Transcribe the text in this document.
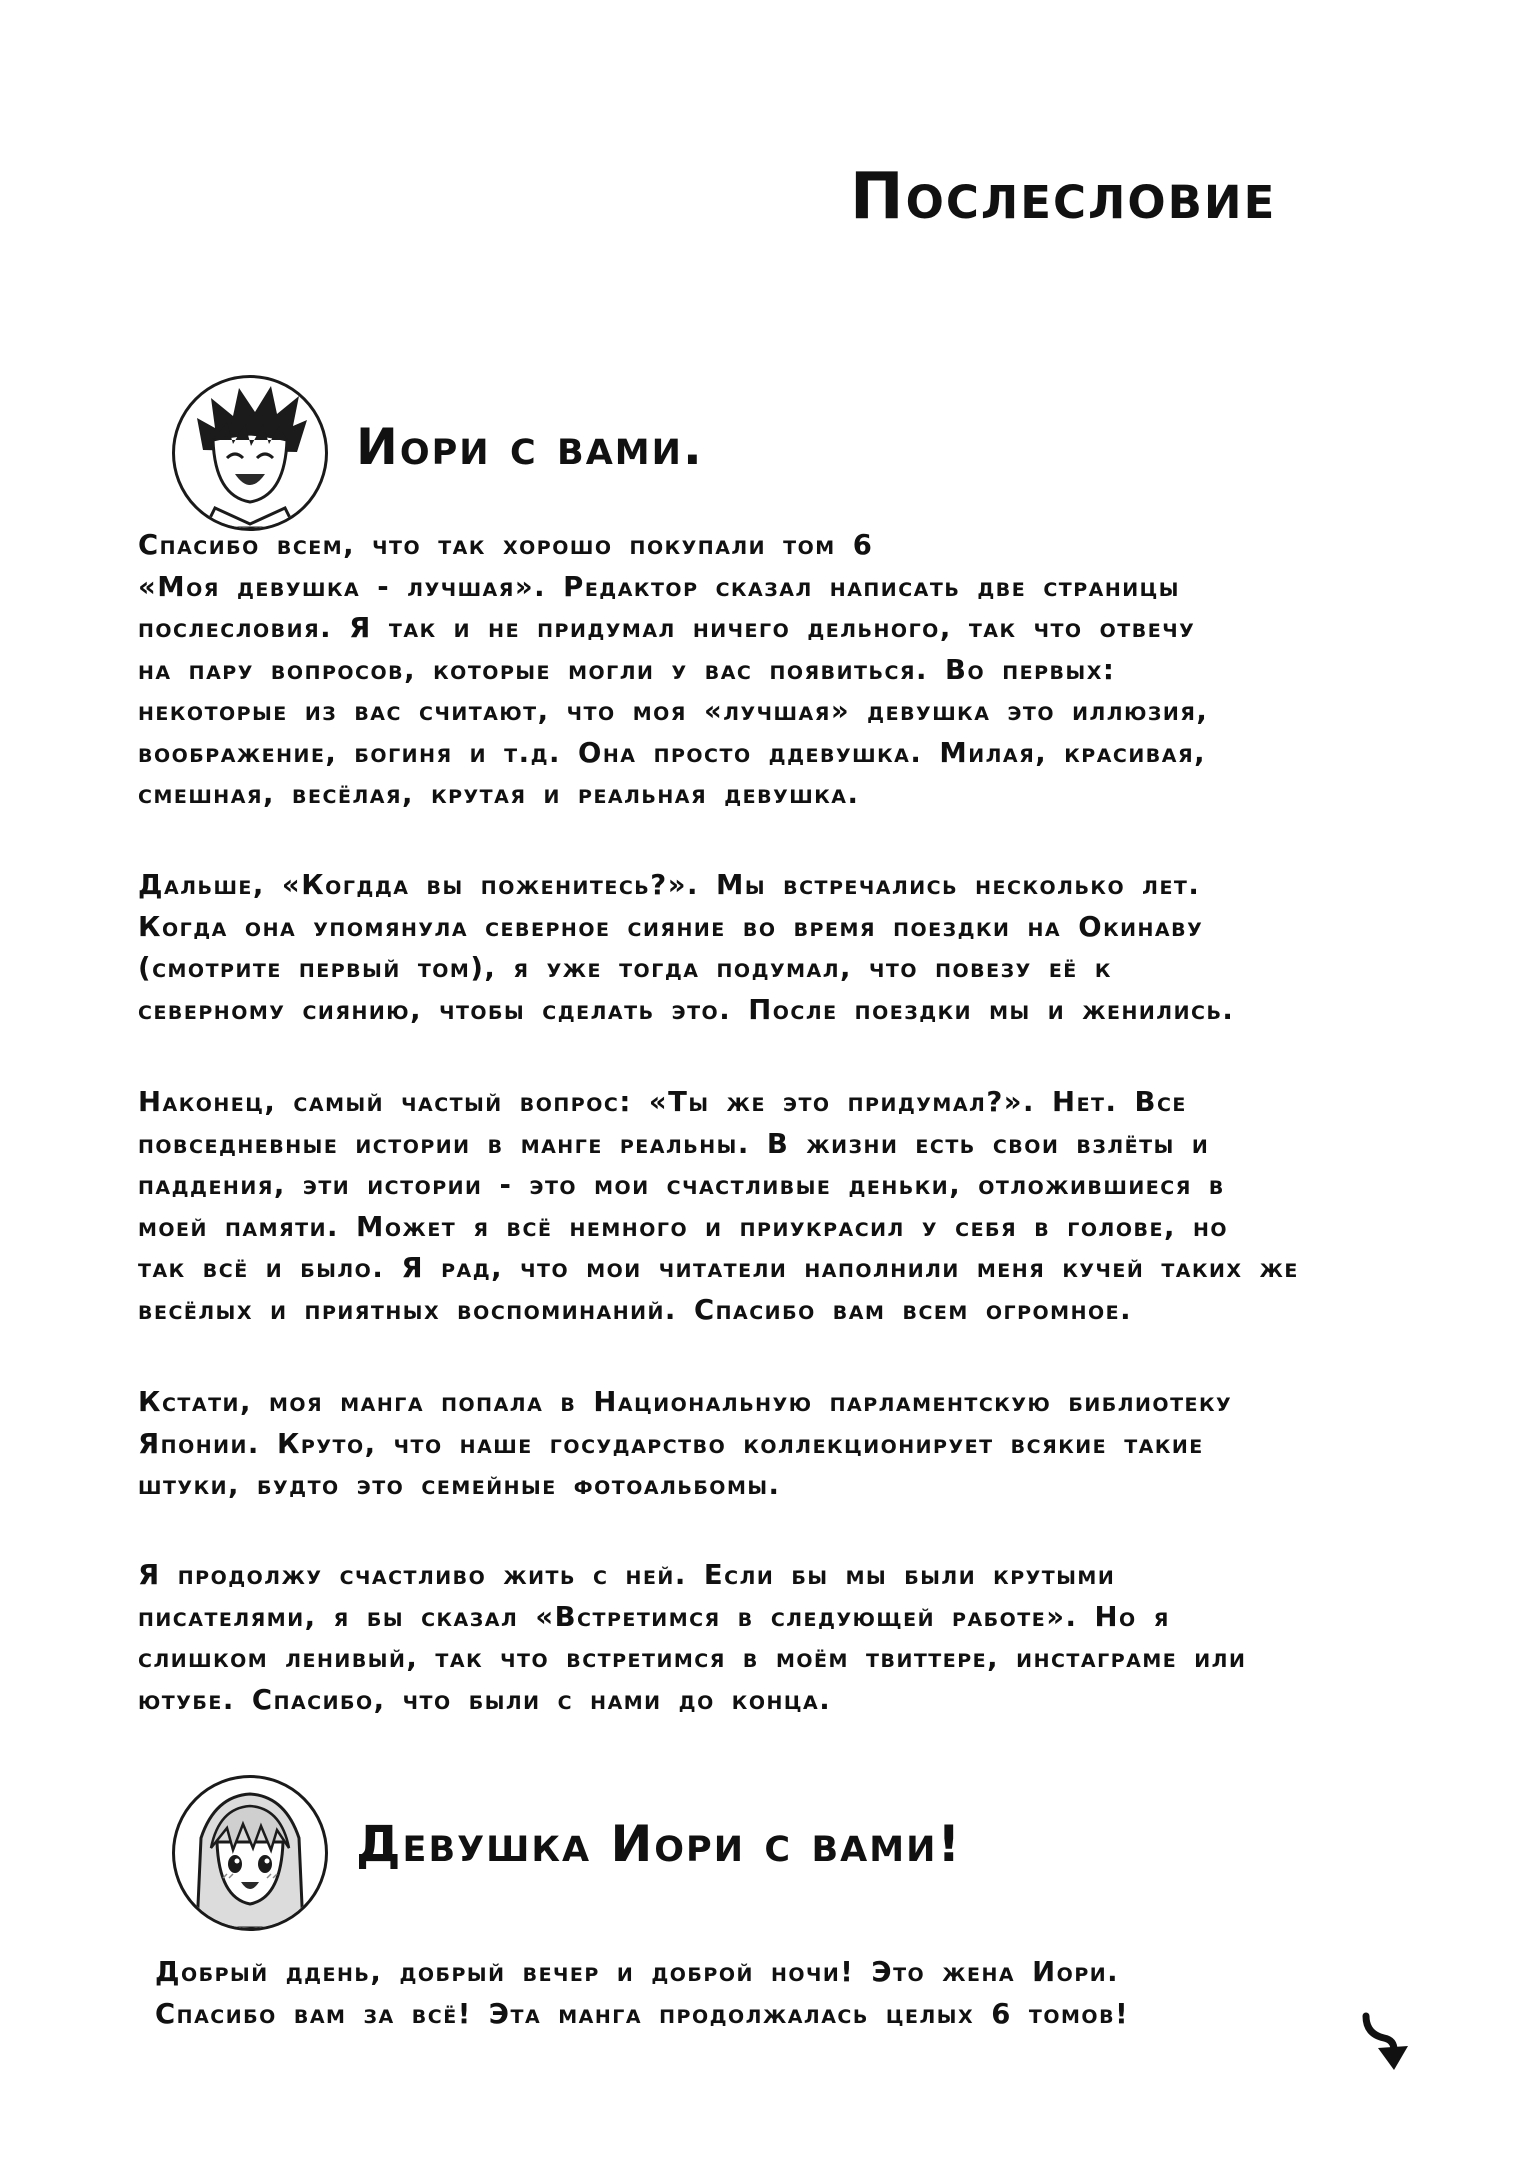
Послесловие
Иори с вами.

Спасибо всем, что так хорошо покупали том 6

«Моя девушка - лучшая». Редактор сказал написать две страницы

послесловия. Я так и не придумал ничего дельного, так что отвечу

на пару вопросов, которые могли у вас появиться. Во первых:

некоторые из вас считают, что моя «лучшая» девушка это иллюзия,

воображение, богиня и т.д. Она просто ддевушка. Милая, красивая,

смешная, весёлая, крутая и реальная девушка.

Дальше, «Когдда вы поженитесь?». Мы встречались несколько лет.

Когда она упомянула северное сияние во время поездки на Окинаву

(смотрите первый том), я уже тогда подумал, что повезу её к

северному сиянию, чтобы сделать это. После поездки мы и женились.

Наконец, самый частый вопрос: «Ты же это придумал?». Нет. Все

повседневные истории в манге реальны. В жизни есть свои взлёты и

паддения, эти истории - это мои счастливые деньки, отложившиеся в

моей памяти. Может я всё немного и приукрасил у себя в голове, но

так всё и было. Я рад, что мои читатели наполнили меня кучей таких же

весёлых и приятных воспоминаний. Спасибо вам всем огромное.

Кстати, моя манга попала в Национальную парламентскую библиотеку

Японии. Круто, что наше государство коллекционирует всякие такие

штуки, будто это семейные фотоальбомы.

Я продолжу счастливо жить с ней. Если бы мы были крутыми

писателями, я бы сказал «Встретимся в следующей работе». Но я

слишком ленивый, так что встретимся в моём твиттере, инстаграме или

ютубе. Спасибо, что были с нами до конца.

Девушка Иори с вами!

Добрый ддень, добрый вечер и доброй ночи! Это жена Иори.

Спасибо вам за всё! Эта манга продолжалась целых 6 томов!
